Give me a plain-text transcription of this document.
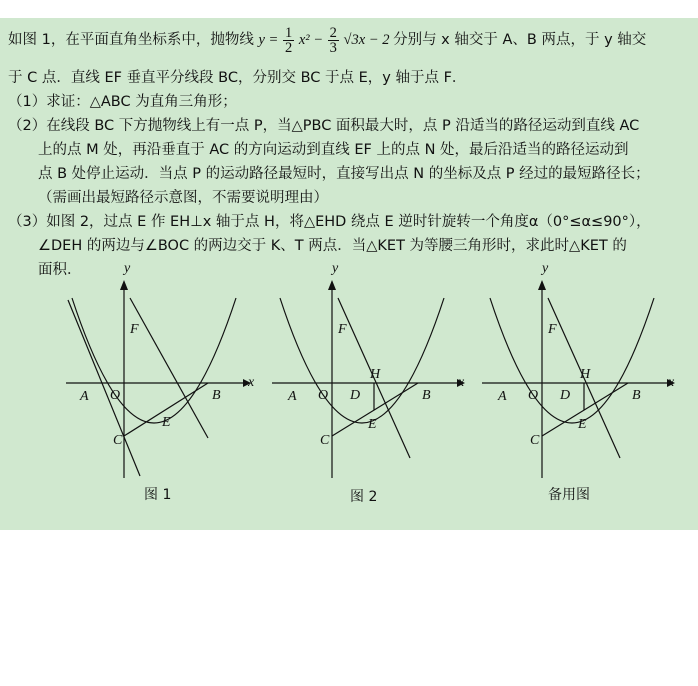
如图 1，在平面直角坐标系中，抛物线 $y = \frac{1}{2} x^2 - \frac{2}{3} √3x - 2$ 分别与 x 轴交于 A、B 两点，于 y 轴交
于 C 点．直线 EF 垂直平分线段 BC，分别交 BC 于点 E，y 轴于点 F．
（1）求证：△ABC 为直角三角形；
（2）在线段 BC 下方抛物线上有一点 P，当△PBC 面积最大时，点 P 沿适当的路径运动到直线 AC
上的点 M 处，再沿垂直于 AC 的方向运动到直线 EF 上的点 N 处，最后沿适当的路径运动到
点 B 处停止运动．当点 P 的运动路径最短时，直接写出点 N 的坐标及点 P 经过的最短路径长；
（需画出最短路径示意图，不需要说明理由）
（3）如图 2，过点 E 作 EH⊥x 轴于点 H，将△EHD 绕点 E 逆时针旋转一个角度α（0°≤α≤90°），
∠DEH 的两边与∠BOC 的两边交于 K、T 两点．当△KET 为等腰三角形时，求此时△KET 的
面积．
x
y
A O	B
C
E
F
图 1
x
y
A O D
H
B
C
E
F
图 2
x
y
A O D
H
B
C
E
F
备用图
